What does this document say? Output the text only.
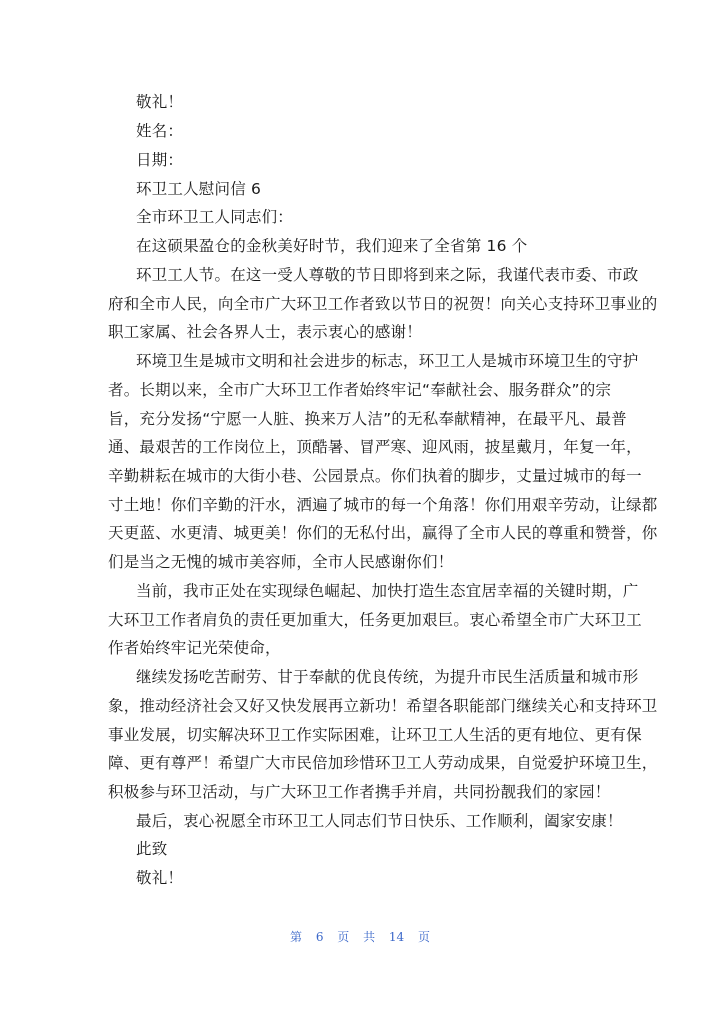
敬礼！
姓名：
日期：
环卫工人慰问信 6
全市环卫工人同志们：
在这硕果盈仓的金秋美好时节，我们迎来了全省第 16 个
环卫工人节。在这一受人尊敬的节日即将到来之际，我谨代表市委、市政
府和全市人民，向全市广大环卫工作者致以节日的祝贺！向关心支持环卫事业的
职工家属、社会各界人士，表示衷心的感谢！
环境卫生是城市文明和社会进步的标志，环卫工人是城市环境卫生的守护
者。长期以来，全市广大环卫工作者始终牢记“奉献社会、服务群众”的宗
旨，充分发扬“宁愿一人脏、换来万人洁”的无私奉献精神，在最平凡、最普
通、最艰苦的工作岗位上，顶酷暑、冒严寒、迎风雨，披星戴月，年复一年，
辛勤耕耘在城市的大街小巷、公园景点。你们执着的脚步，丈量过城市的每一
寸土地！你们辛勤的汗水，洒遍了城市的每一个角落！你们用艰辛劳动，让绿都
天更蓝、水更清、城更美！你们的无私付出，赢得了全市人民的尊重和赞誉，你
们是当之无愧的城市美容师，全市人民感谢你们！
当前，我市正处在实现绿色崛起、加快打造生态宜居幸福的关键时期，广
大环卫工作者肩负的责任更加重大，任务更加艰巨。衷心希望全市广大环卫工
作者始终牢记光荣使命，
继续发扬吃苦耐劳、甘于奉献的优良传统，为提升市民生活质量和城市形
象，推动经济社会又好又快发展再立新功！希望各职能部门继续关心和支持环卫
事业发展，切实解决环卫工作实际困难，让环卫工人生活的更有地位、更有保
障、更有尊严！希望广大市民倍加珍惜环卫工人劳动成果，自觉爱护环境卫生，
积极参与环卫活动，与广大环卫工作者携手并肩，共同扮靓我们的家园！
最后，衷心祝愿全市环卫工人同志们节日快乐、工作顺利，阖家安康！
此致
敬礼！
第 6 页 共 14 页
